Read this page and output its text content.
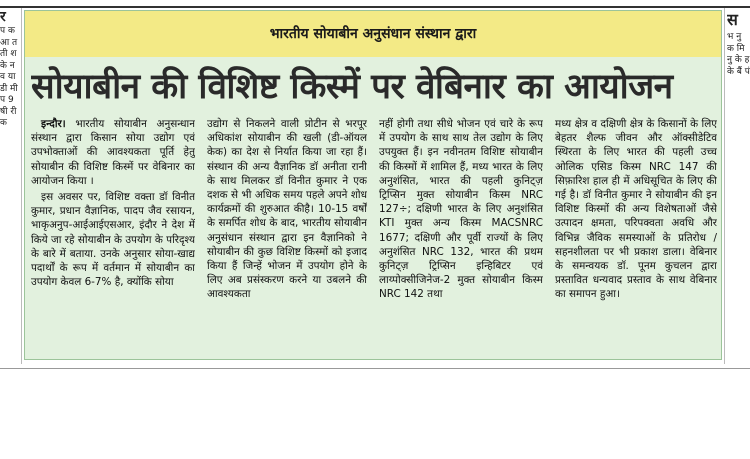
र
प क आ त ती श के न व या डी मी प 9 षी री क
भारतीय सोयाबीन अनुसंधान संस्थान द्वारा
सोयाबीन की विशिष्ट किस्में पर वेबिनार का आयोजन

इन्दौर। भारतीय सोयाबीन अनुसन्धान संस्थान द्वारा किसान सोया उद्योग एवं उपभोक्ताओं की आवश्यकता पूर्ति हेतु सोयाबीन की विशिष्ट किस्में पर वेबिनार का आयोजन किया ।

इस अवसर पर, विशिष्ट वक्ता डॉ विनीत कुमार, प्रधान वैज्ञानिक, पादप जैव रसायन, भाकृअनुप-आईआईएसआर, इंदौर ने देश में किये जा रहे सोयाबीन के उपयोग के परिदृश्य के बारे में बताया. उनके अनुसार सोया-खाद्य पदार्थों के रूप में वर्तमान में सोयाबीन का उपयोग केवल 6-7% है, क्योंकि सोया

उद्योग से निकलने वाली प्रोटीन से भरपूर अधिकांश सोयाबीन की खली (डी-ऑयल केक) का देश से निर्यात किया जा रहा हैं। संस्थान की अन्य वैज्ञानिक डॉ अनीता रानी के साथ मिलकर डॉ विनीत कुमार ने एक दशक से भी अधिक समय पहले अपने शोध कार्यक्रमों की शुरुआत कीहै। 10-15 वर्षों के समर्पित शोध के बाद, भारतीय सोयाबीन अनुसंधान संस्थान द्वारा इन वैज्ञानिको ने सोयाबीन की कुछ विशिष्ट किस्मों को इजाद किया हैं जिन्हें भोजन में उपयोग होने के लिए अब प्रसंस्करण करने या उबलने की आवश्यकता

नहीं होगी तथा सीधे भोजन एवं चारे के रूप में उपयोग के साथ साथ तेल उद्योग के लिए उपयुक्त हैं। इन नवीनतम विशिष्ट सोयाबीन की किस्मों में शामिल हैं, मध्य भारत के लिए अनुशंसित, भारत की पहली कुनिट्ज़ ट्रिप्सिन मुक्त सोयाबीन किस्म NRC 127÷; दक्षिणी भारत के लिए अनुशंसित KTI मुक्त अन्य किस्म MACSNRC 1677; दक्षिणी और पूर्वी राज्यों के लिए अनुशंसित NRC 132, भारत की प्रथम कुनिट्ज़ ट्रिप्सिन इन्हिबिटर एवं लाय्पोक्सीजिनेज-2 मुक्त सोयाबीन किस्म NRC 142 तथा

मध्य क्षेत्र व दक्षिणी क्षेत्र के किसानों के लिए बेहतर शैल्फ जीवन और ऑक्सीडेटिव स्थिरता के लिए भारत की पहली उच्च ओलिक एसिड किस्म NRC 147 की सिफ़ारिश हाल ही में अधिसूचित के लिए की गई है। डॉ विनीत कुमार ने सोयाबीन की इन विशिष्ट किस्मों की अन्य विशेषताओं जैसे उत्पादन क्षमता, परिपक्वता अवधि और विभिन्न जैविक समस्याओं के प्रतिरोध / सहनशीलता पर भी प्रकाश डाला। वेबिनार के समन्वयक डॉ. पूनम कुचलन द्वारा प्रस्तावित धन्यवाद प्रस्ताव के साथ वेबिनार का समापन हुआ।

स
भ नु क मि नु के ह के बैं पं
